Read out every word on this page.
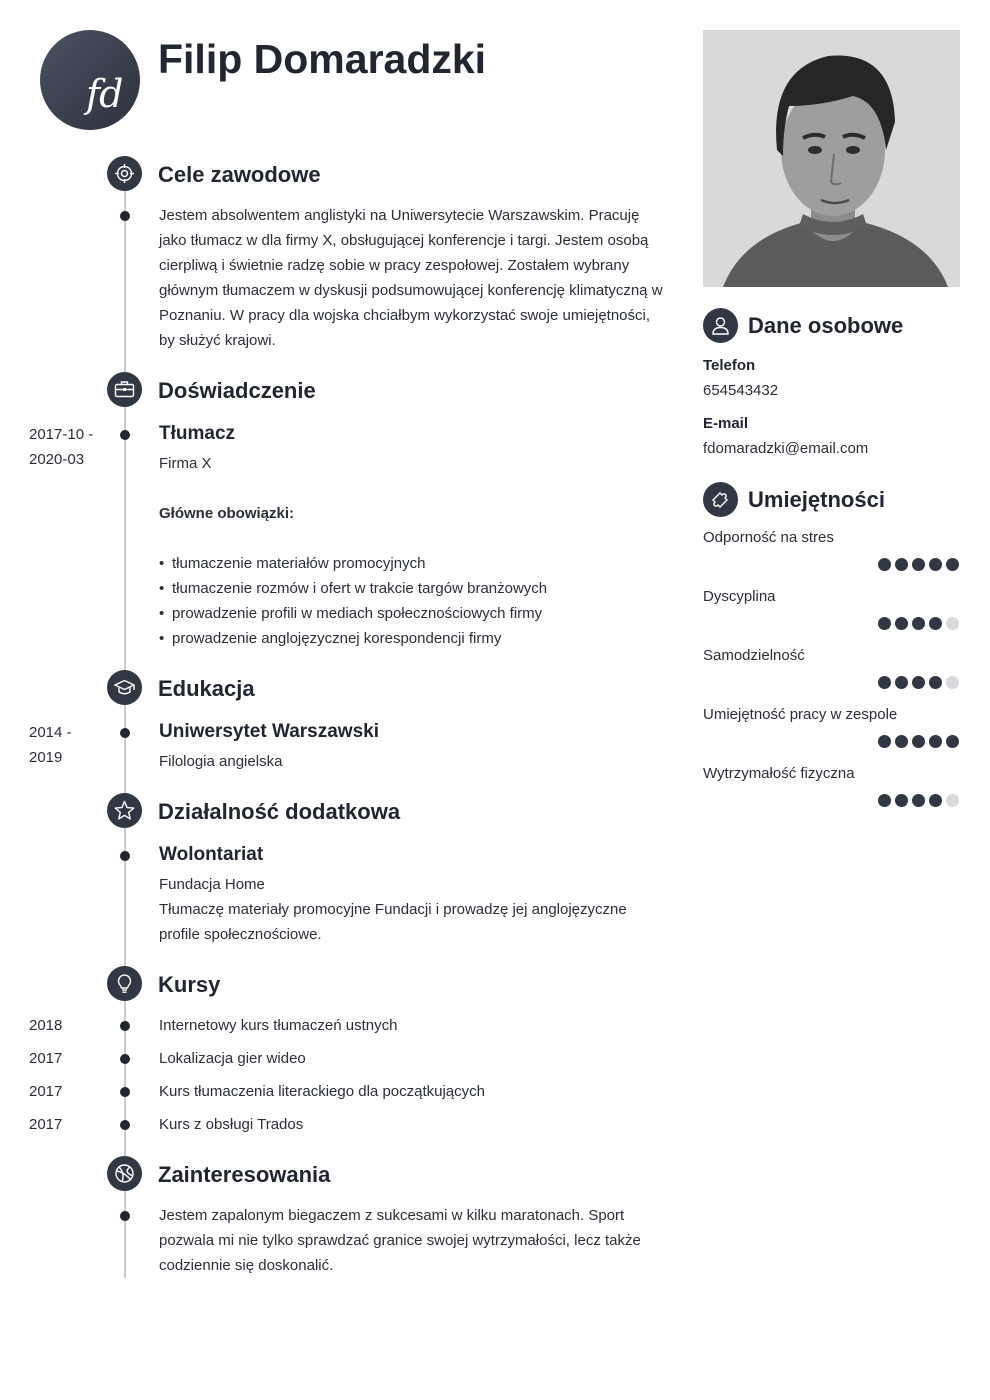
fd
Filip Domaradzki
Cele zawodowe
Jestem absolwentem anglistyki na Uniwersytecie Warszawskim. Pracuję jako tłumacz w dla firmy X, obsługującej konferencje i targi. Jestem osobą cierpliwą i świetnie radzę sobie w pracy zespołowej. Zostałem wybrany głównym tłumaczem w dyskusji podsumowującej konferencję klimatyczną w Poznaniu. W pracy dla wojska chciałbym wykorzystać swoje umiejętności, by służyć krajowi.
Doświadczenie
2017-10 -
2020-03
Tłumacz
Firma X
Główne obowiązki:
• tłumaczenie materiałów promocyjnych
• tłumaczenie rozmów i ofert w trakcie targów branżowych
• prowadzenie profili w mediach społecznościowych firmy
• prowadzenie anglojęzycznej korespondencji firmy
Edukacja
2014 -
2019
Uniwersytet Warszawski
Filologia angielska
Działalność dodatkowa
Wolontariat
Fundacja Home
Tłumaczę materiały promocyjne Fundacji i prowadzę jej anglojęzyczne profile społecznościowe.
Kursy
2018	Internetowy kurs tłumaczeń ustnych
2017	Lokalizacja gier wideo
2017	Kurs tłumaczenia literackiego dla początkujących
2017	Kurs z obsługi Trados
Zainteresowania
Jestem zapalonym biegaczem z sukcesami w kilku maratonach. Sport pozwala mi nie tylko sprawdzać granice swojej wytrzymałości, lecz także codziennie się doskonalić.
Dane osobowe
Telefon
654543432
E-mail
fdomaradzki@email.com
Umiejętności
Odporność na stres
Dyscyplina
Samodzielność
Umiejętność pracy w zespole
Wytrzymałość fizyczna
